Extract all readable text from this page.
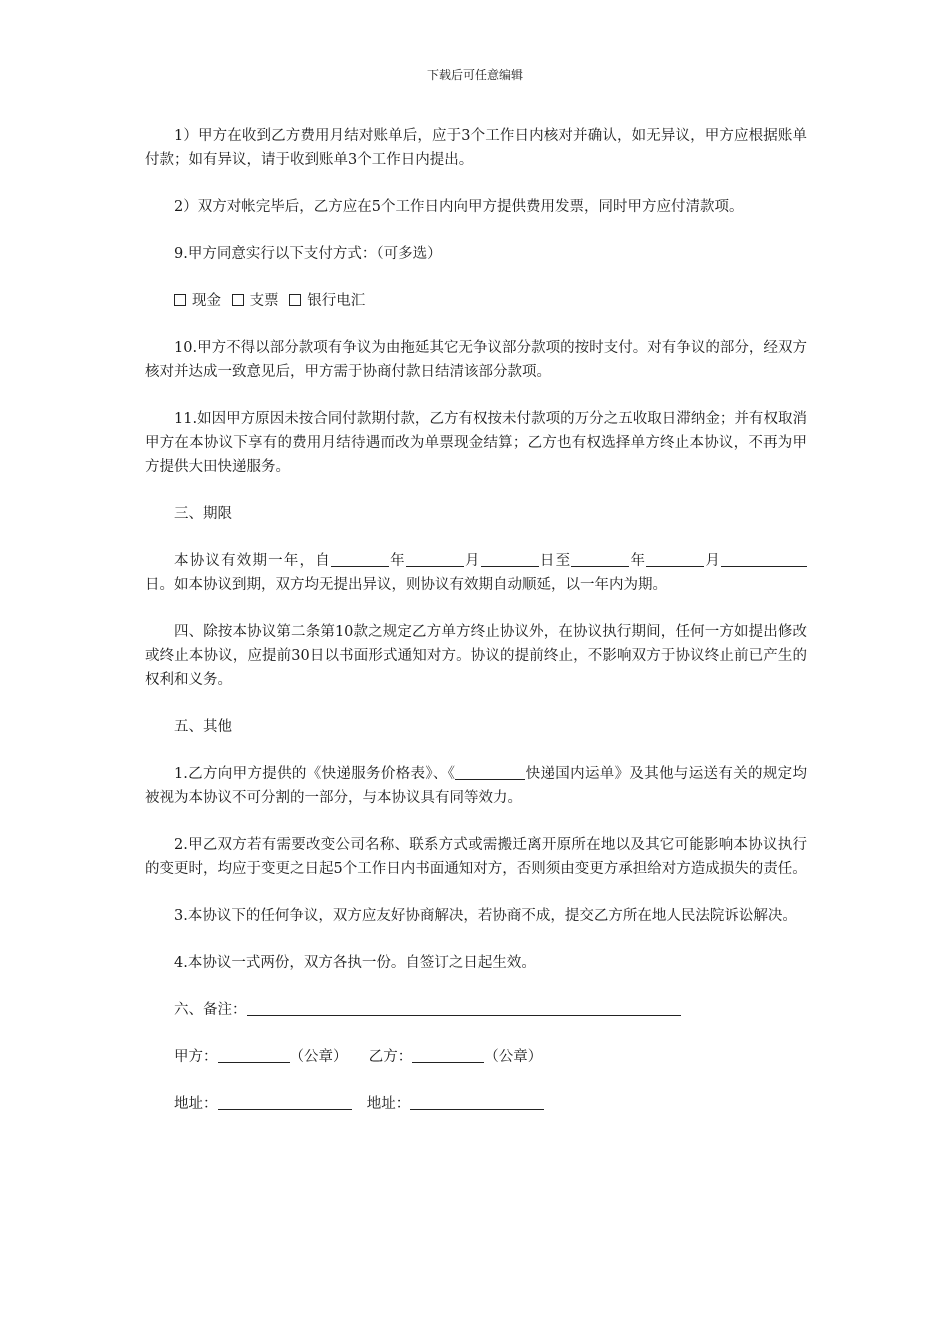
下载后可任意编辑

1）甲方在收到乙方费用月结对账单后，应于3个工作日内核对并确认，如无异议，甲方应根据账单付款；如有异议，请于收到账单3个工作日内提出。

2）双方对帐完毕后，乙方应在5个工作日内向甲方提供费用发票，同时甲方应付清款项。

9.甲方同意实行以下支付方式：（可多选）

现金 支票 银行电汇

10.甲方不得以部分款项有争议为由拖延其它无争议部分款项的按时支付。对有争议的部分，经双方核对并达成一致意见后，甲方需于协商付款日结清该部分款项。

11.如因甲方原因未按合同付款期付款，乙方有权按未付款项的万分之五收取日滞纳金；并有权取消甲方在本协议下享有的费用月结待遇而改为单票现金结算；乙方也有权选择单方终止本协议，不再为甲方提供大田快递服务。

三、期限

本协议有效期一年，自	年	月	日至	年	月日。如本协议到期，双方均无提出异议，则协议有效期自动顺延，以一年内为期。

四、除按本协议第二条第10款之规定乙方单方终止协议外，在协议执行期间，任何一方如提出修改或终止本协议，应提前30日以书面形式通知对方。协议的提前终止，不影响双方于协议终止前已产生的权利和义务。

五、其他

1.乙方向甲方提供的《快递服务价格表》、《	快递国内运单》及其他与运送有关的规定均被视为本协议不可分割的一部分，与本协议具有同等效力。

2.甲乙双方若有需要改变公司名称、联系方式或需搬迁离开原所在地以及其它可能影响本协议执行的变更时，均应于变更之日起5个工作日内书面通知对方，否则须由变更方承担给对方造成损失的责任。

3.本协议下的任何争议，双方应友好协商解决，若协商不成，提交乙方所在地人民法院诉讼解决。

4.本协议一式两份，双方各执一份。自签订之日起生效。

六、备注：
甲方：	（公章） 乙方：	（公章）
地址：	地址：
